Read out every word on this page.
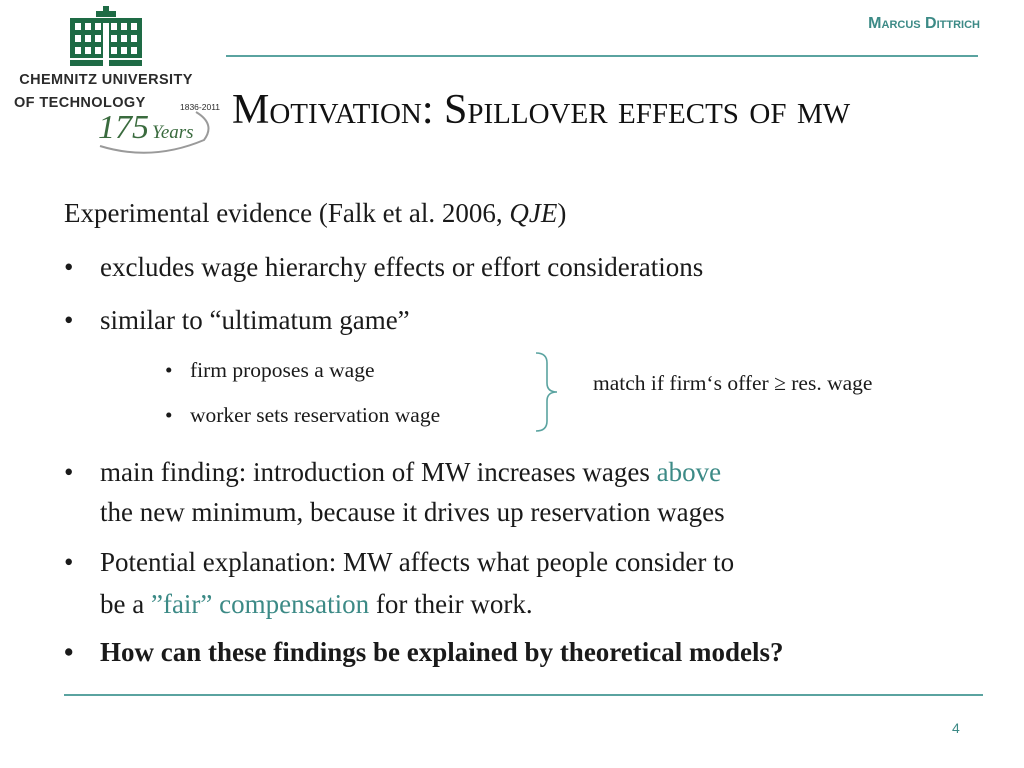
CHEMNITZ UNIVERSITY
OF TECHNOLOGY	1836-2011
175 Years
Marcus Dittrich
Motivation: Spillover effects of mw
Experimental evidence (Falk et al. 2006, QJE)
• excludes wage hierarchy effects or effort considerations
• similar to “ultimatum game”
• firm proposes a wage
• worker sets reservation wage
match if firm‘s offer ≥ res. wage
• main finding: introduction of MW increases wages above
the new minimum, because it drives up reservation wages
• Potential explanation: MW affects what people consider to
be a ”fair” compensation for their work.
• How can these findings be explained by theoretical models?
4
